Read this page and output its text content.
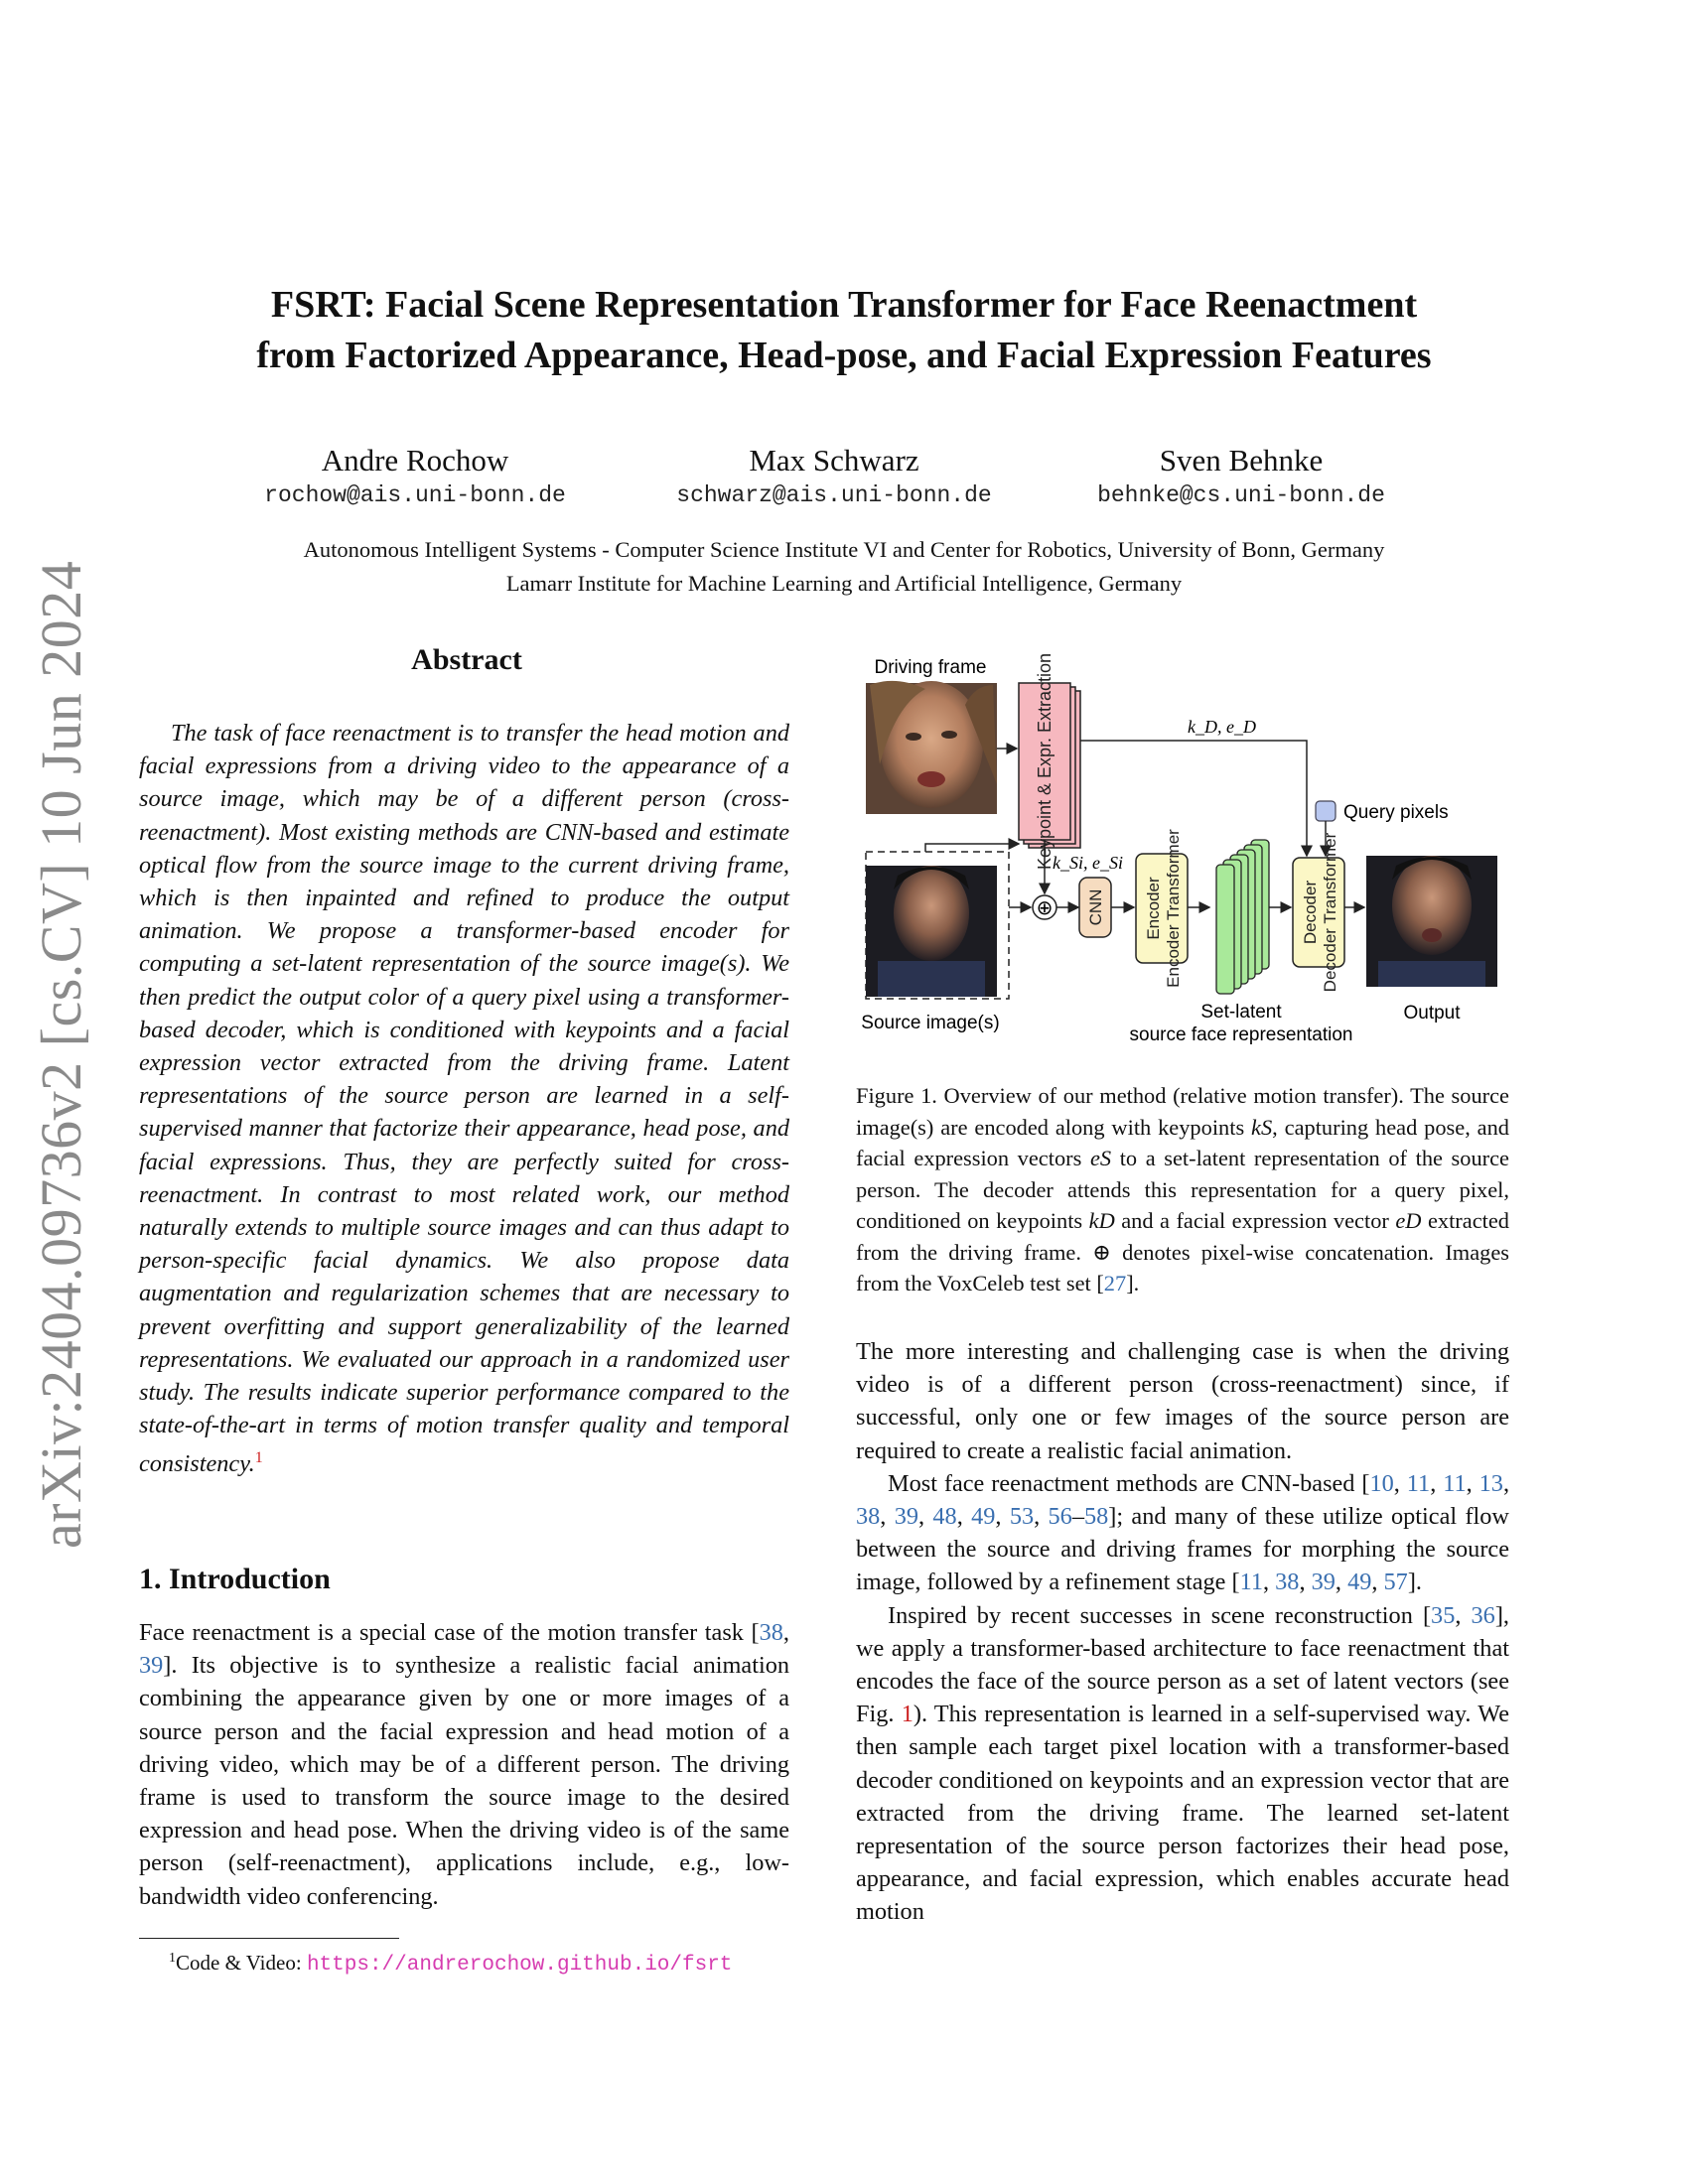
arXiv:2404.09736v2 [cs.CV] 10 Jun 2024
FSRT: Facial Scene Representation Transformer for Face Reenactment
from Factorized Appearance, Head-pose, and Facial Expression Features
Andre Rochow
rochow@ais.uni-bonn.de
Max Schwarz
schwarz@ais.uni-bonn.de
Sven Behnke
behnke@cs.uni-bonn.de
Autonomous Intelligent Systems - Computer Science Institute VI and Center for Robotics, University of Bonn, Germany
Lamarr Institute for Machine Learning and Artificial Intelligence, Germany
Abstract
The task of face reenactment is to transfer the head motion and facial expressions from a driving video to the appearance of a source image, which may be of a different person (cross-reenactment). Most existing methods are CNN-based and estimate optical flow from the source image to the current driving frame, which is then inpainted and refined to produce the output animation. We propose a transformer-based encoder for computing a set-latent representation of the source image(s). We then predict the output color of a query pixel using a transformer-based decoder, which is conditioned with keypoints and a facial expression vector extracted from the driving frame. Latent representations of the source person are learned in a self-supervised manner that factorize their appearance, head pose, and facial expressions. Thus, they are perfectly suited for cross-reenactment. In contrast to most related work, our method naturally extends to multiple source images and can thus adapt to person-specific facial dynamics. We also propose data augmentation and regularization schemes that are necessary to prevent overfitting and support generalizability of the learned representations. We evaluated our approach in a randomized user study. The results indicate superior performance compared to the state-of-the-art in terms of motion transfer quality and temporal consistency.$^1$
1. Introduction
Face reenactment is a special case of the motion transfer task [38, 39]. Its objective is to synthesize a realistic facial animation combining the appearance given by one or more images of a source person and the facial expression and head motion of a driving video, which may be of a different person. The driving frame is used to transform the source image to the desired expression and head pose. When the driving video is of the same person (self-reenactment), applications include, e.g., low-bandwidth video conferencing.
$^1$Code & Video: https://andrerochow.github.io/fsrt
Driving frame	Keypoint & Expr. Extraction	k_D, e_D
Query pixels
Source image(s)
k_Si, e_Si
⊕ CNN Encoder Encoder Transformer
Set-latent
source face representation
Decoder Decoder Transformer
Output
Figure 1. Overview of our method (relative motion transfer). The source image(s) are encoded along with keypoints kS, capturing head pose, and facial expression vectors eS to a set-latent representation of the source person. The decoder attends this representation for a query pixel, conditioned on keypoints kD and a facial expression vector eD extracted from the driving frame. ⊕ denotes pixel-wise concatenation. Images from the VoxCeleb test set [27].

The more interesting and challenging case is when the driving video is of a different person (cross-reenactment) since, if successful, only one or few images of the source person are required to create a realistic facial animation.

Most face reenactment methods are CNN-based [10, 11, 11, 13, 38, 39, 48, 49, 53, 56–58]; and many of these utilize optical flow between the source and driving frames for morphing the source image, followed by a refinement stage [11, 38, 39, 49, 57].

Inspired by recent successes in scene reconstruction [35, 36], we apply a transformer-based architecture to face reenactment that encodes the face of the source person as a set of latent vectors (see Fig. 1). This representation is learned in a self-supervised way. We then sample each target pixel location with a transformer-based decoder conditioned on keypoints and an expression vector that are extracted from the driving frame. The learned set-latent representation of the source person factorizes their head pose, appearance, and facial expression, which enables accurate head motion
